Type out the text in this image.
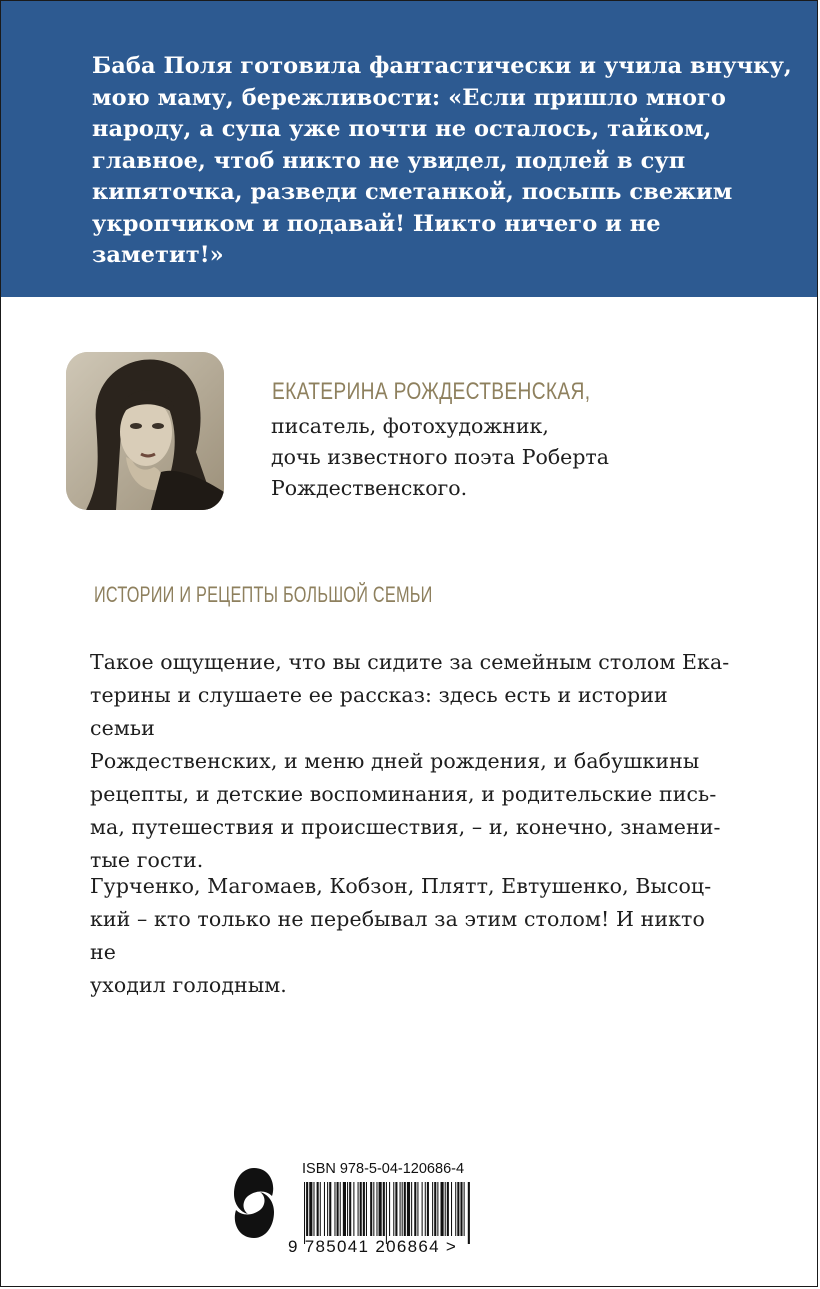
Баба Поля готовила фантастически и учила внучку,
мою маму, бережливости: «Если пришло много
народу, а супа уже почти не осталось, тайком,
главное, чтоб никто не увидел, подлей в суп
кипяточка, разведи сметанкой, посыпь свежим
укропчиком и подавай! Никто ничего и не заметит!»

ЕКАТЕРИНА РОЖДЕСТВЕНСКАЯ,

писатель, фотохудожник,
дочь известного поэта Роберта
Рождественского.

ИСТОРИИ И РЕЦЕПТЫ БОЛЬШОЙ СЕМЬИ

Такое ощущение, что вы сидите за семейным столом Ека-
терины и слушаете ее рассказ: здесь есть и истории семьи
Рождественских, и меню дней рождения, и бабушкины
рецепты, и детские воспоминания, и родительские пись-
ма, путешествия и происшествия, – и, конечно, знамени-
тые гости.

Гурченко, Магомаев, Кобзон, Плятт, Евтушенко, Высоц-
кий – кто только не перебывал за этим столом! И никто не
уходил голодным.

ISBN 978-5-04-120686-4

9 785041 206864 >
